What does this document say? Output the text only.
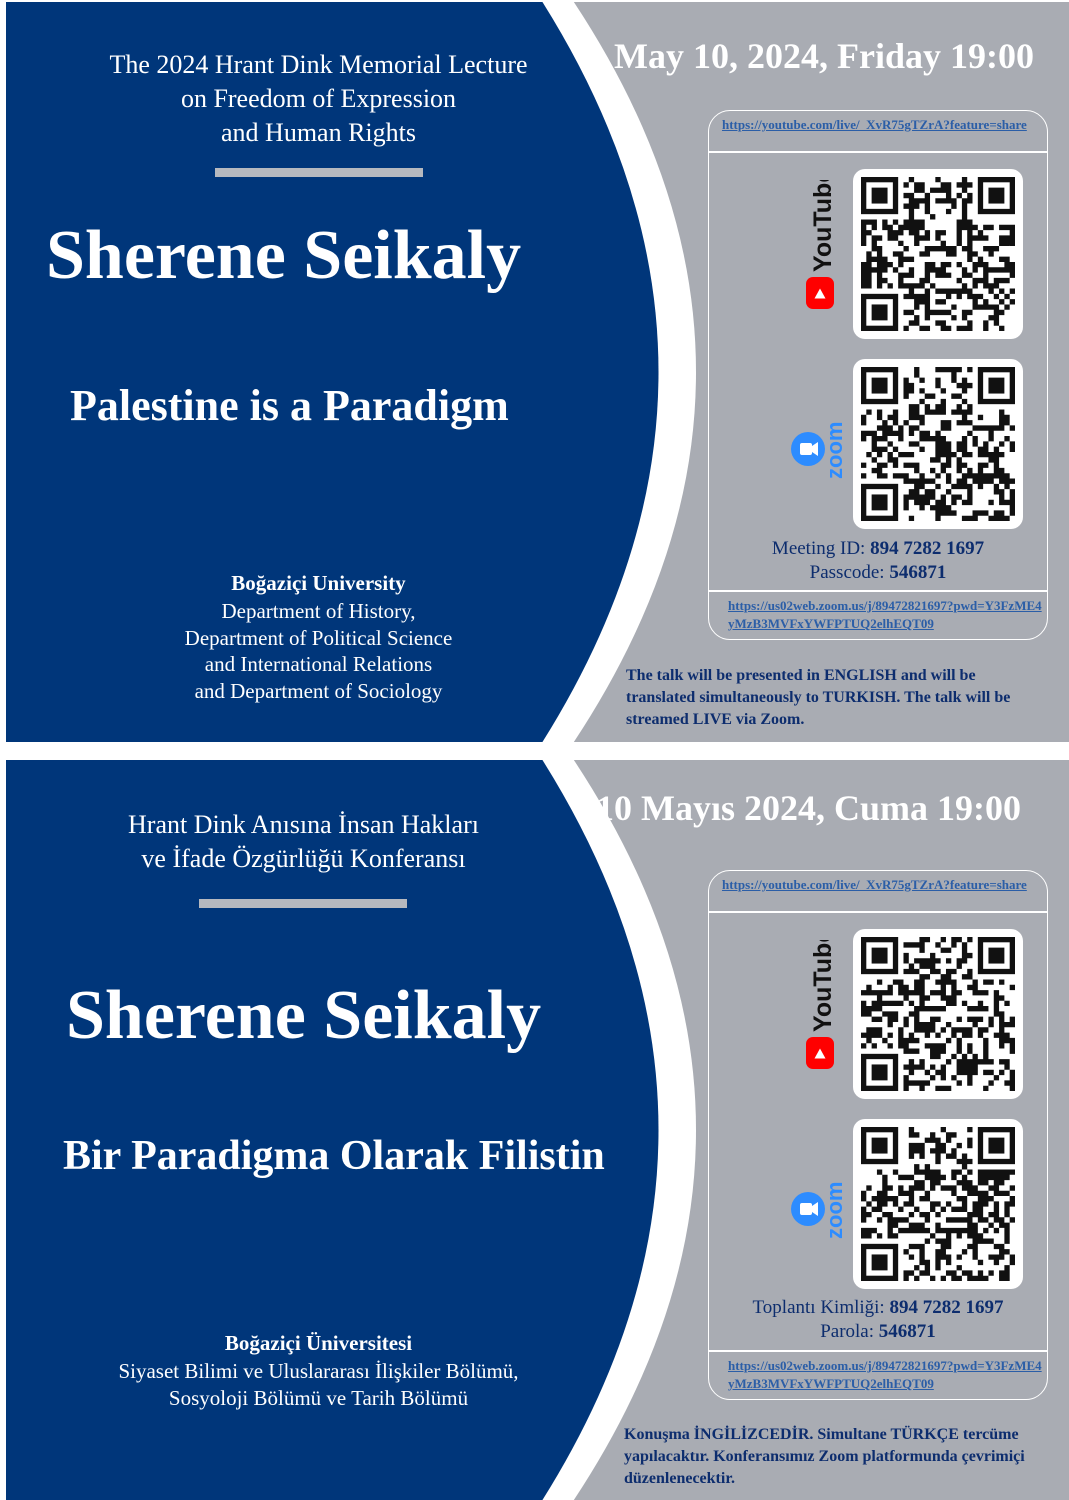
The 2024 Hrant Dink Memorial Lecture
on Freedom of Expression
and Human Rights
Sherene Seikaly
Palestine is a Paradigm
Boğaziçi University
Department of History,
Department of Political Science
and International Relations
and Department of Sociology
May 10, 2024, Friday 19:00
https://youtube.com/live/_XvR75gTZrA?feature=share
YouTube
zoom
Meeting ID: 894 7282 1697
Passcode: 546871
https://us02web.zoom.us/j/89472821697?pwd=Y3FzME4yMzB3MVFxYWFPTUQ2elhEQT09
The talk will be presented in ENGLISH and will be translated simultaneously to TURKISH. The talk will be streamed LIVE via Zoom.
Hrant Dink Anısına İnsan Hakları
ve İfade Özgürlüğü Konferansı
Sherene Seikaly
Bir Paradigma Olarak Filistin
Boğaziçi Üniversitesi
Siyaset Bilimi ve Uluslararası İlişkiler Bölümü,
Sosyoloji Bölümü ve Tarih Bölümü
10 Mayıs 2024, Cuma 19:00
https://youtube.com/live/_XvR75gTZrA?feature=share
YouTube
zoom
Toplantı Kimliği: 894 7282 1697
Parola: 546871
https://us02web.zoom.us/j/89472821697?pwd=Y3FzME4yMzB3MVFxYWFPTUQ2elhEQT09
Konuşma İNGİLİZCEDİR. Simultane TÜRKÇE tercüme yapılacaktır. Konferansımız Zoom platformunda çevrimiçi düzenlenecektir.
